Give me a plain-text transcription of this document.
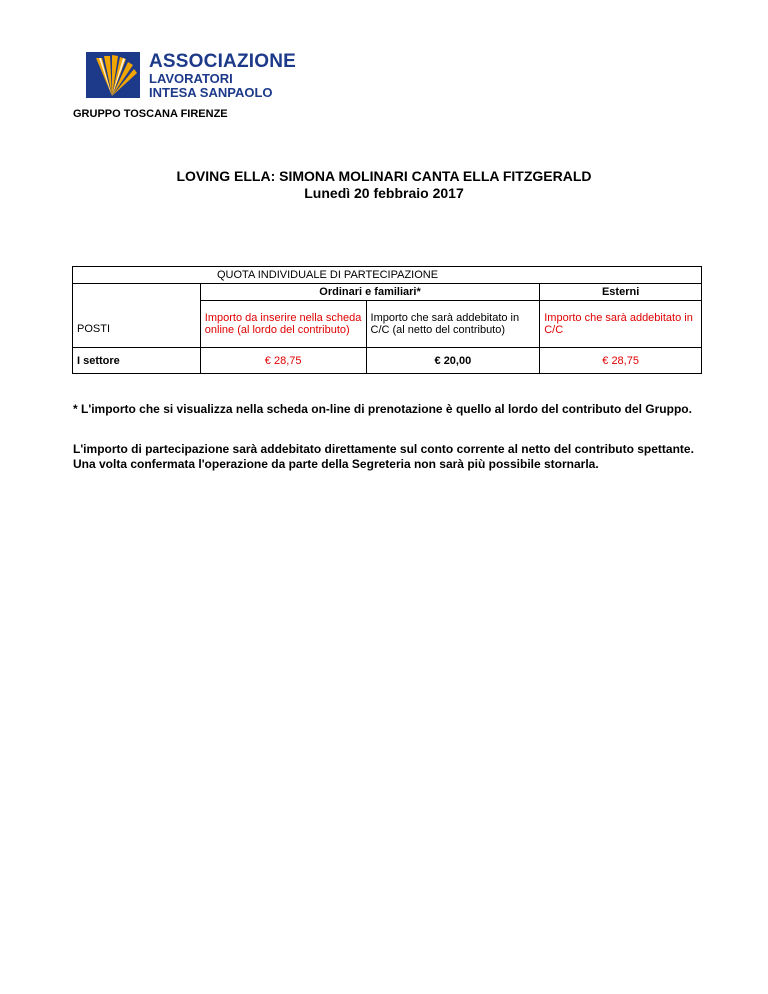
ASSOCIAZIONE
LAVORATORI
INTESA SANPAOLO
GRUPPO TOSCANA FIRENZE
LOVING ELLA: SIMONA MOLINARI CANTA ELLA FITZGERALD
Lunedì 20 febbraio 2017
QUOTA INDIVIDUALE DI PARTECIPAZIONE			
POSTI	Ordinari e familiari*		Esterni
	Importo da inserire nella scheda online (al lordo del contributo)	Importo che sarà addebitato in C/C (al netto del contributo)	Importo che sarà addebitato in C/C
I settore	€ 28,75	€ 20,00	€ 28,75

* L'importo che si visualizza nella scheda on-line di prenotazione è quello al lordo del contributo del Gruppo.

L'importo di partecipazione sarà addebitato direttamente sul conto corrente al netto del contributo spettante.

Una volta confermata l'operazione da parte della Segreteria non sarà più possibile stornarla.
